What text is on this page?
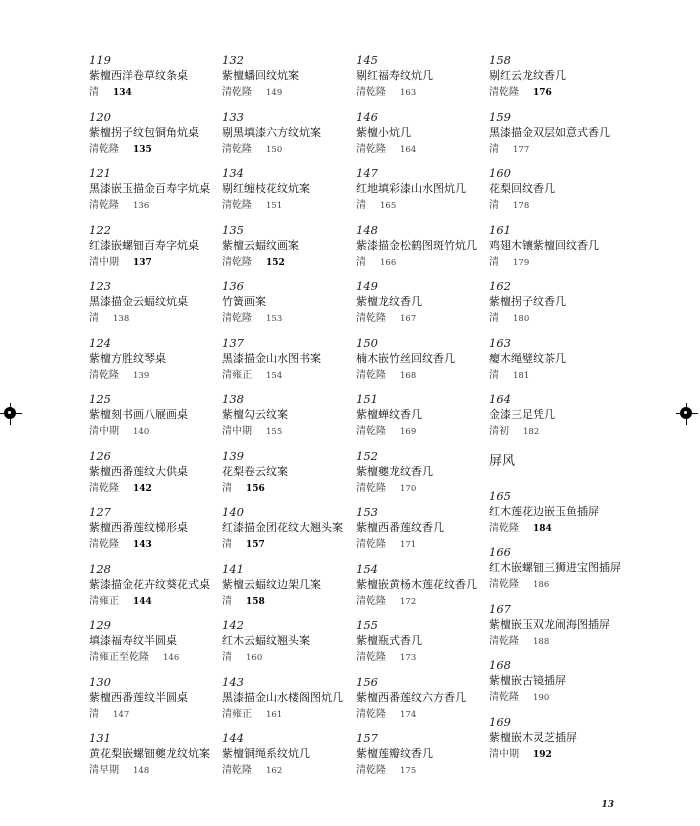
119
紫檀西洋卷草纹条桌
清 134
120
紫檀拐子纹包铜角炕桌
清乾隆 135
121
黑漆嵌玉描金百寿字炕桌
清乾隆 136
122
红漆嵌螺钿百寿字炕桌
清中期 137
123
黑漆描金云蝠纹炕桌
清 138
124
紫檀方胜纹琴桌
清乾隆 139
125
紫檀刻书画八屜画桌
清中期 140
126
紫檀西番莲纹大供桌
清乾隆 142
127
紫檀西番莲纹梯形桌
清乾隆 143
128
紫漆描金花卉纹葵花式桌
清雍正 144
129
填漆福寿纹半圆桌
清雍正至乾隆 146
130
紫檀西番莲纹半圆桌
清 147
131
黄花梨嵌螺钿夔龙纹炕案
清早期 148
132
紫檀蟠回纹炕案
清乾隆 149
133
剔黑填漆六方纹炕案
清乾隆 150
134
剔红缠枝花纹炕案
清乾隆 151
135
紫檀云蝠纹画案
清乾隆 152
136
竹簧画案
清乾隆 153
137
黑漆描金山水图书案
清雍正 154
138
紫檀勾云纹案
清中期 155
139
花梨卷云纹案
清 156
140
红漆描金团花纹大翘头案
清 157
141
紫檀云蝠纹边架几案
清 158
142
红木云蝠纹翘头案
清 160
143
黑漆描金山水楼阁图炕几
清雍正 161
144
紫檀铜绳系纹炕几
清乾隆 162
145
剔红福寿纹炕几
清乾隆 163
146
紫檀小炕几
清乾隆 164
147
红地填彩漆山水图炕几
清 165
148
紫漆描金松鹤图斑竹炕几
清 166
149
紫檀龙纹香几
清乾隆 167
150
楠木嵌竹丝回纹香几
清乾隆 168
151
紫檀蝉纹香几
清乾隆 169
152
紫檀夔龙纹香几
清乾隆 170
153
紫檀西番莲纹香几
清乾隆 171
154
紫檀嵌黄杨木莲花纹香几
清乾隆 172
155
紫檀瓶式香几
清乾隆 173
156
紫檀西番莲纹六方香几
清乾隆 174
157
紫檀莲瓣纹香几
清乾隆 175
158
剔红云龙纹香几
清乾隆 176
159
黑漆描金双层如意式香几
清 177
160
花梨回纹香几
清 178
161
鸡翅木镶紫檀回纹香几
清 179
162
紫檀拐子纹香几
清 180
163
瘿木绳璧纹茶几
清 181
164
金漆三足凭几
清初 182
屏风
165
红木莲花边嵌玉鱼插屏
清乾隆 184
166
红木嵌螺钿三狮进宝图插屏
清乾隆 186
167
紫檀嵌玉双龙闹海图插屏
清乾隆 188
168
紫檀嵌古镜插屏
清乾隆 190
169
紫檀嵌木灵芝插屏
清中期 192
13
